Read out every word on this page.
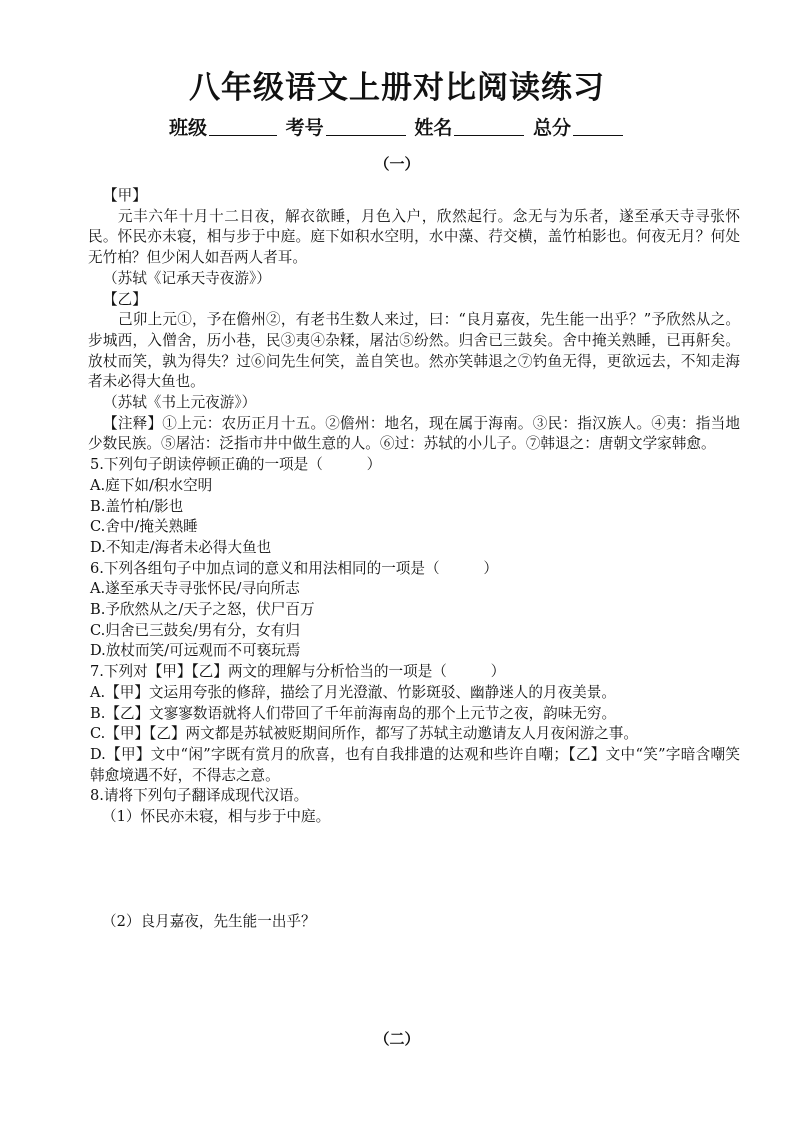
八年级语文上册对比阅读练习
班级	考号	姓名	总分
（一）

【甲】

元丰六年十月十二日夜，解衣欲睡，月色入户，欣然起行。念无与为乐者，遂至承天寺寻张怀民。怀民亦未寝，相与步于中庭。庭下如积水空明，水中藻、荇交横，盖竹柏影也。何夜无月？何处无竹柏？但少闲人如吾两人者耳。

（苏轼《记承天寺夜游》）

【乙】

己卯上元①，予在儋州②，有老书生数人来过，曰：“良月嘉夜，先生能一出乎？”予欣然从之。步城西，入僧舍，历小巷，民③夷④杂糅，屠沽⑤纷然。归舍已三鼓矣。舍中掩关熟睡，已再鼾矣。放杖而笑，孰为得失？过⑥问先生何笑，盖自笑也。然亦笑韩退之⑦钓鱼无得，更欲远去，不知走海者未必得大鱼也。

（苏轼《书上元夜游》）

【注释】①上元：农历正月十五。②儋州：地名，现在属于海南。③民：指汉族人。④夷：指当地少数民族。⑤屠沽：泛指市井中做生意的人。⑥过：苏轼的小儿子。⑦韩退之：唐朝文学家韩愈。

5.下列句子朗读停顿正确的一项是（　　　）

A.庭下如/积水空明

B.盖竹柏/影也

C.舍中/掩关熟睡

D.不知走/海者未必得大鱼也

6.下列各组句子中加点词的意义和用法相同的一项是（　　　）

A.遂至承天寺寻张怀民/寻向所志

B.予欣然从之/天子之怒，伏尸百万

C.归舍已三鼓矣/男有分，女有归

D.放杖而笑/可远观而不可亵玩焉

7.下列对【甲】【乙】两文的理解与分析恰当的一项是（　　　）

A.【甲】文运用夸张的修辞，描绘了月光澄澈、竹影斑驳、幽静迷人的月夜美景。

B.【乙】文寥寥数语就将人们带回了千年前海南岛的那个上元节之夜，韵味无穷。

C.【甲】【乙】两文都是苏轼被贬期间所作，都写了苏轼主动邀请友人月夜闲游之事。

D.【甲】文中“闲”字既有赏月的欣喜，也有自我排遣的达观和些许自嘲；【乙】文中“笑”字暗含嘲笑韩愈境遇不好，不得志之意。

8.请将下列句子翻译成现代汉语。

（1）怀民亦未寝，相与步于中庭。

（2）良月嘉夜，先生能一出乎？

（二）
